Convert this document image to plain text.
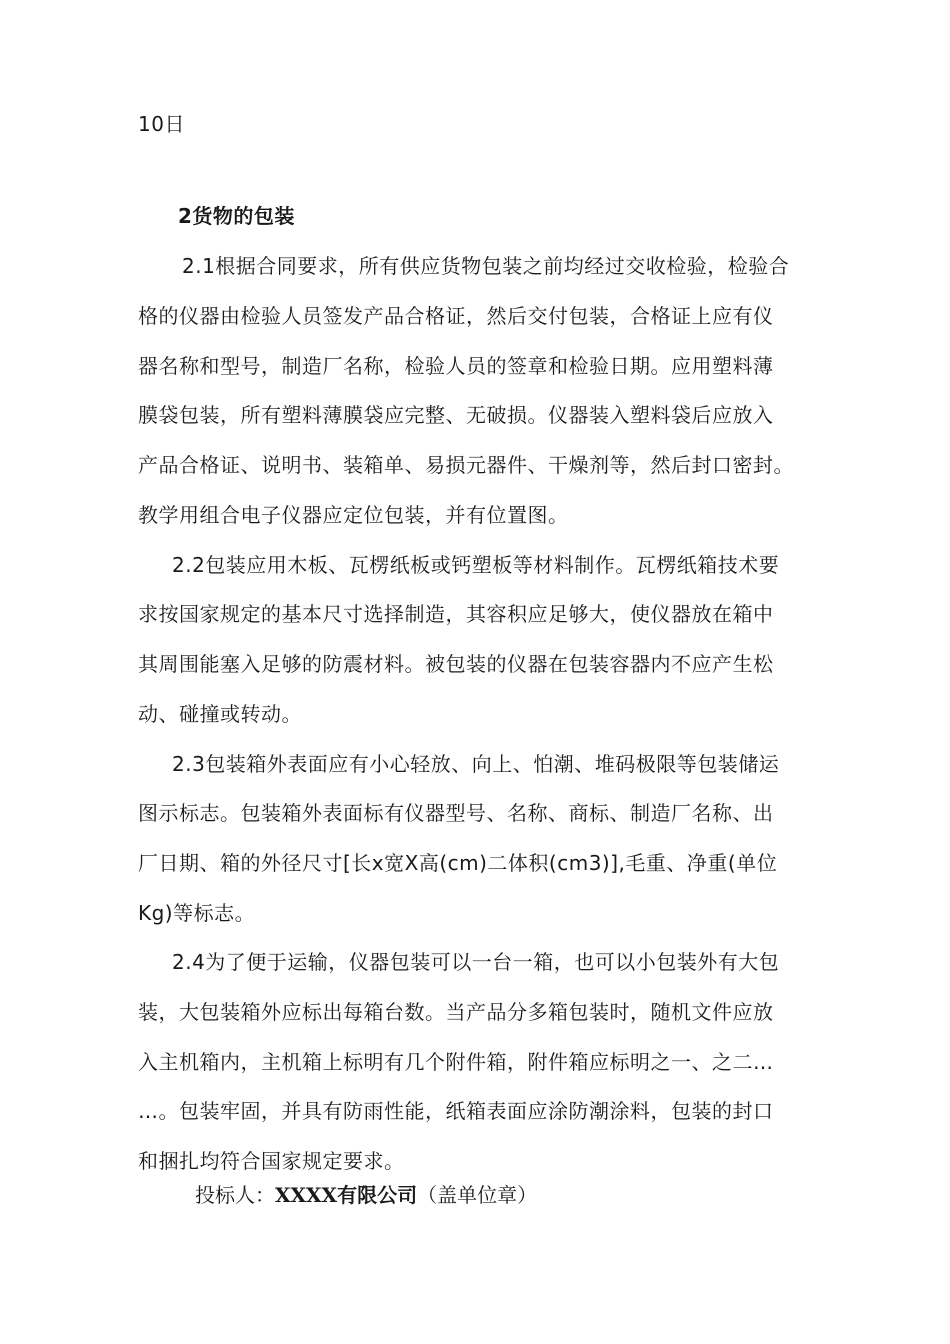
10日
2货物的包装
2.1根据合同要求，所有供应货物包装之前均经过交收检验，检验合
格的仪器由检验人员签发产品合格证，然后交付包装，合格证上应有仪
器名称和型号，制造厂名称，检验人员的签章和检验日期。应用塑料薄
膜袋包装，所有塑料薄膜袋应完整、无破损。仪器装入塑料袋后应放入
产品合格证、说明书、装箱单、易损元器件、干燥剂等，然后封口密封。
教学用组合电子仪器应定位包装，并有位置图。
2.2包装应用木板、瓦楞纸板或钙塑板等材料制作。瓦楞纸箱技术要
求按国家规定的基本尺寸选择制造，其容积应足够大，使仪器放在箱中
其周围能塞入足够的防震材料。被包装的仪器在包装容器内不应产生松
动、碰撞或转动。
2.3包装箱外表面应有小心轻放、向上、怕潮、堆码极限等包装储运
图示标志。包装箱外表面标有仪器型号、名称、商标、制造厂名称、出
厂日期、箱的外径尺寸[长x宽X高(cm)二体积(cm3)],毛重、净重(单位
Kg)等标志。
2.4为了便于运输，仪器包装可以一台一箱，也可以小包装外有大包
装，大包装箱外应标出每箱台数。当产品分多箱包装时，随机文件应放
入主机箱内，主机箱上标明有几个附件箱，附件箱应标明之一、之二…
…。包装牢固，并具有防雨性能，纸箱表面应涂防潮涂料，包装的封口
和捆扎均符合国家规定要求。
投标人：XXXX有限公司（盖单位章）
